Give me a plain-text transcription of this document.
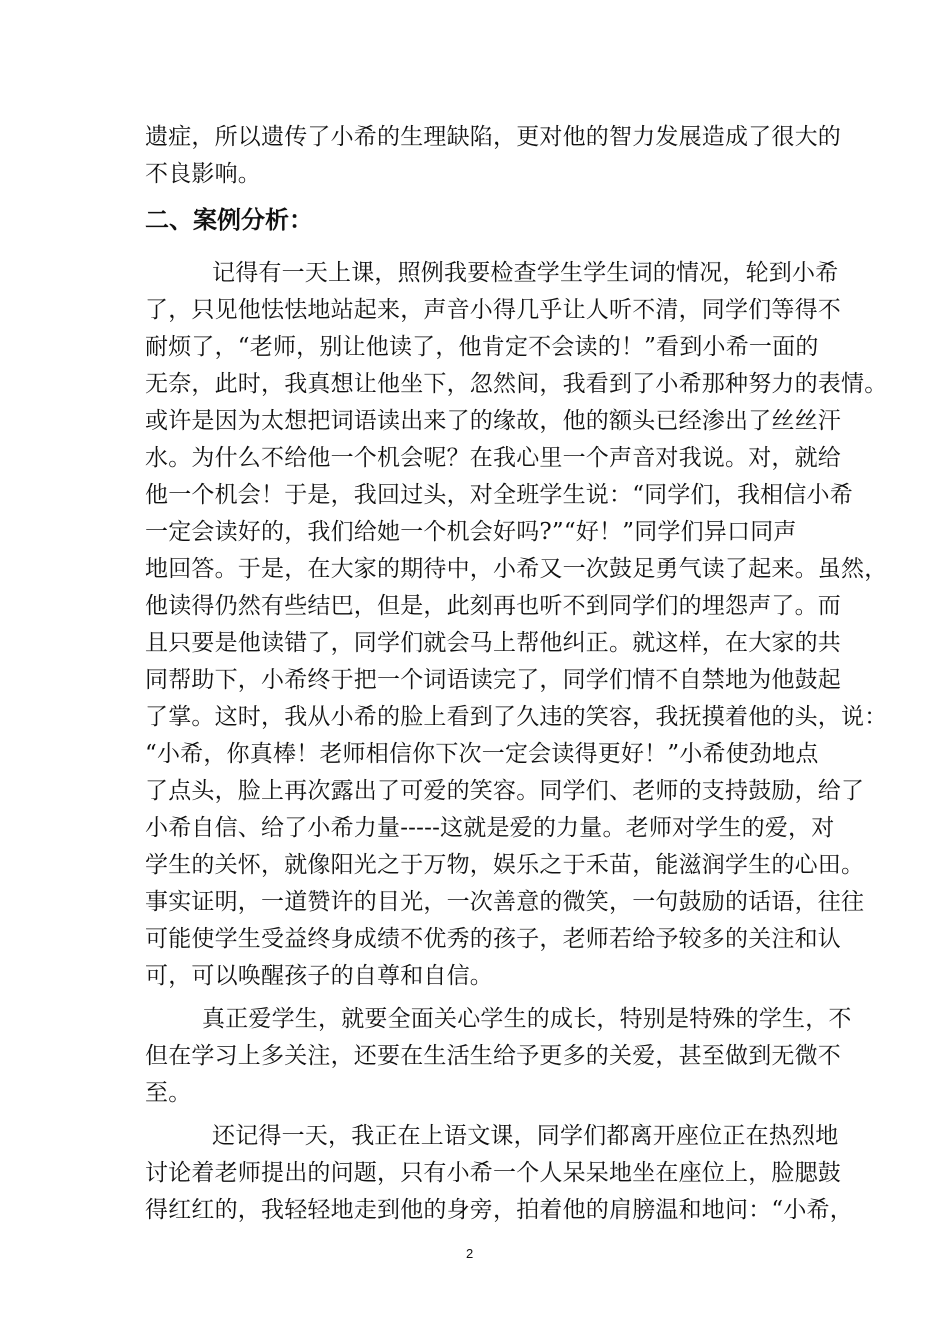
遗症，所以遗传了小希的生理缺陷，更对他的智力发展造成了很大的
不良影响。
二、案例分析：
记得有一天上课，照例我要检查学生学生词的情况，轮到小希
了，只见他怯怯地站起来，声音小得几乎让人听不清，同学们等得不
耐烦了，“老师，别让他读了，他肯定不会读的！”看到小希一面的
无奈，此时，我真想让他坐下，忽然间，我看到了小希那种努力的表情。
或许是因为太想把词语读出来了的缘故，他的额头已经渗出了丝丝汗
水。为什么不给他一个机会呢？在我心里一个声音对我说。对，就给
他一个机会！于是，我回过头，对全班学生说：“同学们，我相信小希
一定会读好的，我们给她一个机会好吗?”“好！”同学们异口同声
地回答。于是，在大家的期待中，小希又一次鼓足勇气读了起来。虽然，
他读得仍然有些结巴，但是，此刻再也听不到同学们的埋怨声了。而
且只要是他读错了，同学们就会马上帮他纠正。就这样，在大家的共
同帮助下，小希终于把一个词语读完了，同学们情不自禁地为他鼓起
了掌。这时，我从小希的脸上看到了久违的笑容，我抚摸着他的头，说：
“小希，你真棒！老师相信你下次一定会读得更好！”小希使劲地点
了点头，脸上再次露出了可爱的笑容。同学们、老师的支持鼓励，给了
小希自信、给了小希力量-----这就是爱的力量。老师对学生的爱，对
学生的关怀，就像阳光之于万物，娱乐之于禾苗，能滋润学生的心田。
事实证明，一道赞许的目光，一次善意的微笑，一句鼓励的话语，往往
可能使学生受益终身成绩不优秀的孩子，老师若给予较多的关注和认
可，可以唤醒孩子的自尊和自信。
真正爱学生，就要全面关心学生的成长，特别是特殊的学生，不
但在学习上多关注，还要在生活生给予更多的关爱，甚至做到无微不
至。
还记得一天，我正在上语文课，同学们都离开座位正在热烈地
讨论着老师提出的问题，只有小希一个人呆呆地坐在座位上，脸腮鼓
得红红的，我轻轻地走到他的身旁，拍着他的肩膀温和地问：“小希，
2
